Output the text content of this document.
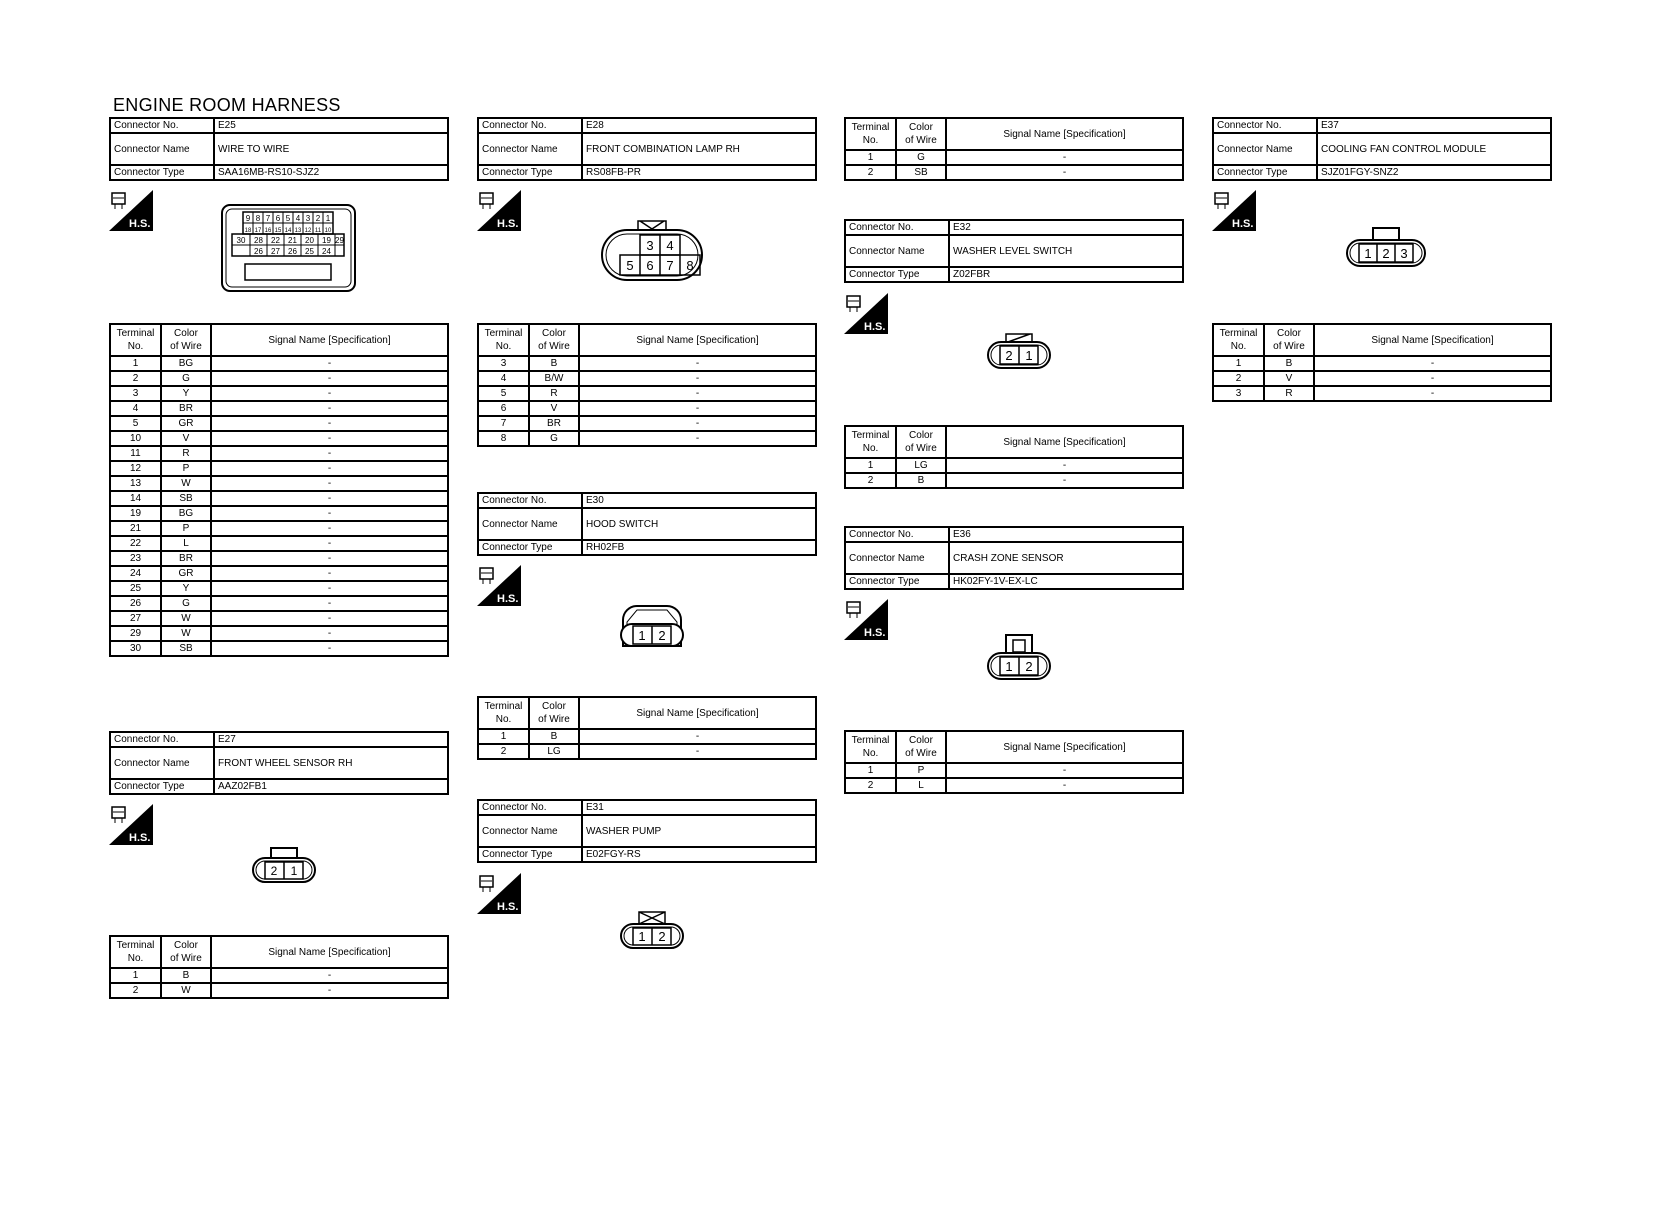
ENGINE ROOM HARNESS
Connector No.	E25
Connector Name	WIRE TO WIRE
Connector Type	SAA16MB-RS10-SJZ2
H.S.	9
18
8
17
7
16
6
15
5
14
4
13
3
12
2
11
1
10
30 28 22 21 20 19 29
26 27 26 25 24
Terminal
No.	Color
of Wire	Signal Name [Specification]
1	BG	-
2	G	-
3	Y	-
4	BR	-
5	GR	-
10	V	-
11	R	-
12	P	-
13	W	-
14	SB	-
19	BG	-
21	P	-
22	L	-
23	BR	-
24	GR	-
25	Y	-
26	G	-
27	W	-
29	W	-
30	SB	-
Connector No.	E27
Connector Name	FRONT WHEEL SENSOR RH
Connector Type	AAZ02FB1
H.S.
2 1
Terminal
No.	Color
of Wire	Signal Name [Specification]
1	B	-
2	W	-
Connector No.	E28
Connector Name	FRONT COMBINATION LAMP RH
Connector Type	RS08FB-PR
H.S.
3 4
5 6 7 8
Terminal
No.	Color
of Wire	Signal Name [Specification]
3	B	-
4	B/W	-
5	R	-
6	V	-
7	BR	-
8	G	-
Connector No.	E30
Connector Name	HOOD SWITCH
Connector Type	RH02FB
H.S.
1 2
Terminal
No.	Color
of Wire	Signal Name [Specification]
1	B	-
2	LG	-
Connector No.	E31
Connector Name	WASHER PUMP
Connector Type	E02FGY-RS
H.S.
1 2
Terminal
No.	Color
of Wire	Signal Name [Specification]
1	G	-
2	SB	-
Connector No.	E32
Connector Name	WASHER LEVEL SWITCH
Connector Type	Z02FBR
H.S.
2 1
Terminal
No.	Color
of Wire	Signal Name [Specification]
1	LG	-
2	B	-
Connector No.	E36
Connector Name	CRASH ZONE SENSOR
Connector Type	HK02FY-1V-EX-LC
H.S.
1 2
Terminal
No.	Color
of Wire	Signal Name [Specification]
1	P	-
2	L	-
Connector No.	E37
Connector Name	COOLING FAN CONTROL MODULE
Connector Type	SJZ01FGY-SNZ2
H.S.
1 2 3
Terminal
No.	Color
of Wire	Signal Name [Specification]
1	B	-
2	V	-
3	R	-
